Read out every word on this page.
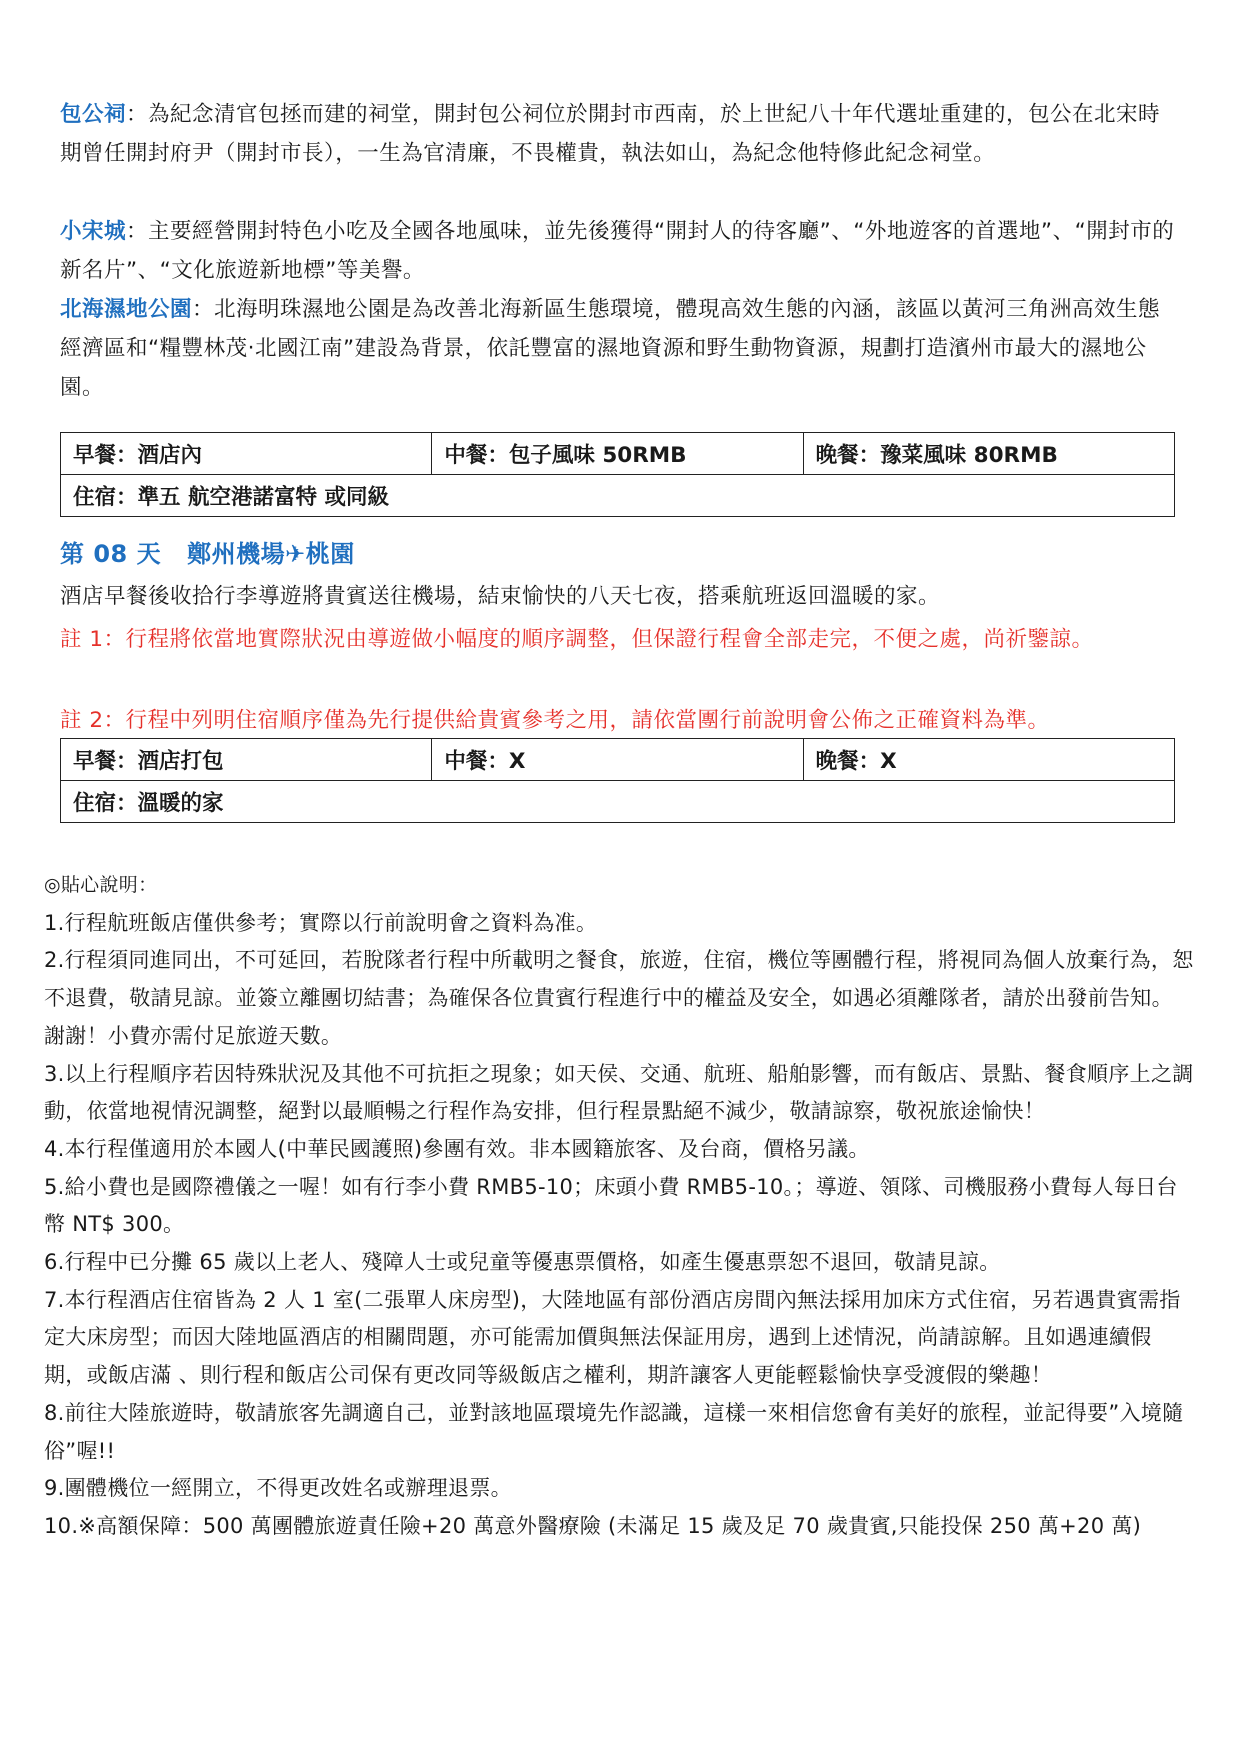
包公祠：為紀念清官包拯而建的祠堂，開封包公祠位於開封市西南，於上世紀八十年代選址重建的，包公在北宋時期曾任開封府尹（開封市長），一生為官清廉，不畏權貴，執法如山，為紀念他特修此紀念祠堂。

小宋城：主要經營開封特色小吃及全國各地風味，並先後獲得“開封人的待客廳”、“外地遊客的首選地”、“開封市的新名片”、“文化旅遊新地標”等美譽。

北海濕地公園：北海明珠濕地公園是為改善北海新區生態環境，體現高效生態的內涵，該區以黃河三角洲高效生態經濟區和“糧豐林茂‧北國江南”建設為背景，依託豐富的濕地資源和野生動物資源，規劃打造濱州市最大的濕地公園。

早餐：酒店內	中餐：包子風味 50RMB	晚餐：豫菜風味 80RMB
住宿：準五 航空港諾富特 或同級
第 08 天 鄭州機場✈桃園

酒店早餐後收拾行李導遊將貴賓送往機場，結束愉快的八天七夜，搭乘航班返回溫暖的家。

註 1：行程將依當地實際狀況由導遊做小幅度的順序調整，但保證行程會全部走完，不便之處，尚祈鑒諒。

註 2：行程中列明住宿順序僅為先行提供給貴賓參考之用，請依當團行前說明會公佈之正確資料為準。

早餐：酒店打包	中餐：X	晚餐：X
住宿：溫暖的家

◎貼心說明：

1.行程航班飯店僅供參考；實際以行前說明會之資料為准。

2.行程須同進同出，不可延回，若脫隊者行程中所載明之餐食，旅遊，住宿，機位等團體行程，將視同為個人放棄行為，恕不退費，敬請見諒。並簽立離團切結書；為確保各位貴賓行程進行中的權益及安全，如遇必須離隊者，請於出發前告知。謝謝！小費亦需付足旅遊天數。

3.以上行程順序若因特殊狀況及其他不可抗拒之現象；如天侯、交通、航班、船舶影響，而有飯店、景點、餐食順序上之調動，依當地視情況調整，絕對以最順暢之行程作為安排，但行程景點絕不減少，敬請諒察，敬祝旅途愉快！

4.本行程僅適用於本國人(中華民國護照)參團有效。非本國籍旅客、及台商，價格另議。

5.給小費也是國際禮儀之一喔！如有行李小費 RMB5-10；床頭小費 RMB5-10。；導遊、領隊、司機服務小費每人每日台幣 NT$ 300。

6.行程中已分攤 65 歲以上老人、殘障人士或兒童等優惠票價格，如產生優惠票恕不退回，敬請見諒。

7.本行程酒店住宿皆為 2 人 1 室(二張單人床房型)，大陸地區有部份酒店房間內無法採用加床方式住宿，另若遇貴賓需指定大床房型；而因大陸地區酒店的相關問題，亦可能需加價與無法保証用房，遇到上述情況，尚請諒解。且如遇連續假期，或飯店滿 、則行程和飯店公司保有更改同等級飯店之權利，期許讓客人更能輕鬆愉快享受渡假的樂趣！

8.前往大陸旅遊時，敬請旅客先調適自己，並對該地區環境先作認識，這樣一來相信您會有美好的旅程，並記得要”入境隨俗”喔!!

9.團體機位一經開立，不得更改姓名或辦理退票。

10.※高額保障：500 萬團體旅遊責任險+20 萬意外醫療險 (未滿足 15 歲及足 70 歲貴賓,只能投保 250 萬+20 萬)
